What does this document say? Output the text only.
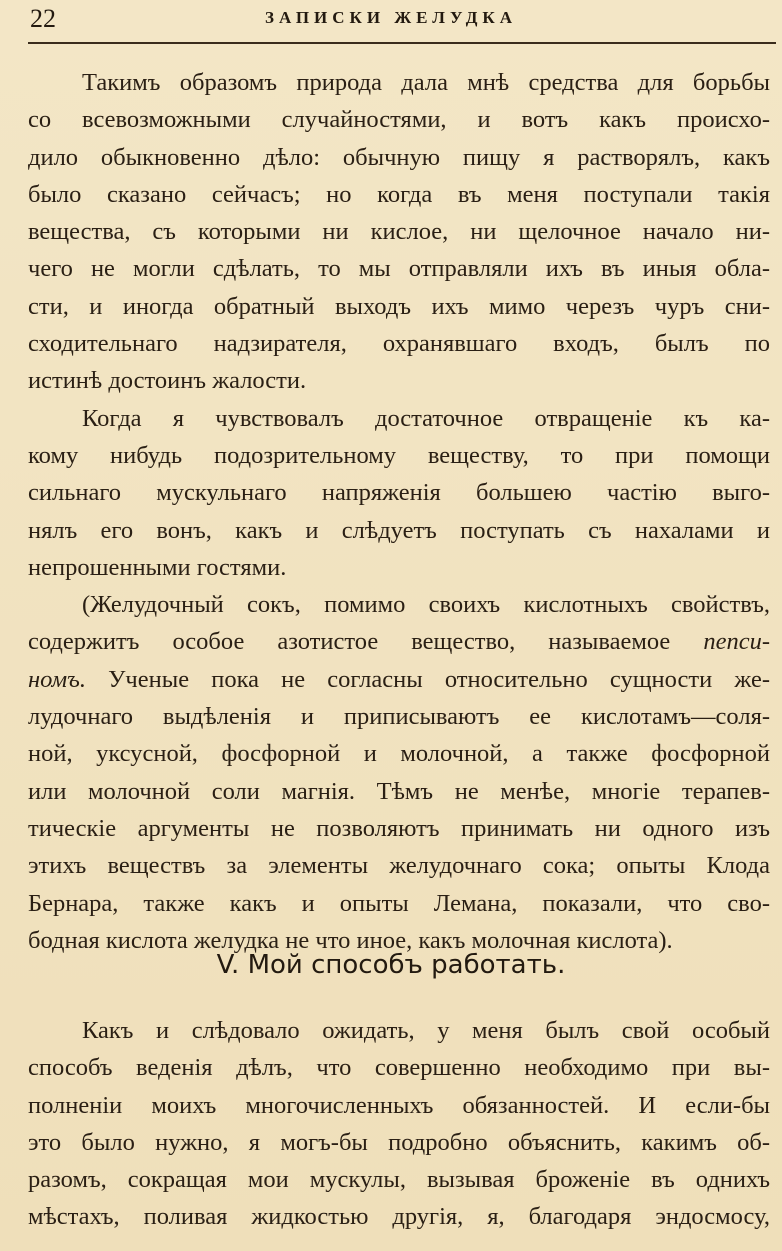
22	ЗАПИСКИ ЖЕЛУДКА
Такимъ образомъ природа дала мнѣ средства для борьбы
со всевозможными случайностями, и вотъ какъ происхо-
дило обыкновенно дѣло: обычную пищу я растворялъ, какъ
было сказано сейчасъ; но когда въ меня поступали такія
вещества, съ которыми ни кислое, ни щелочное начало ни-
чего не могли сдѣлать, то мы отправляли ихъ въ иныя обла-
сти, и иногда обратный выходъ ихъ мимо черезъ чуръ сни-
сходительнаго надзирателя, охранявшаго входъ, былъ по
истинѣ достоинъ жалости.
Когда я чувствовалъ достаточное отвращеніе къ ка-
кому нибудь подозрительному веществу, то при помощи
сильнаго мускульнаго напряженія большею частію выго-
нялъ его вонъ, какъ и слѣдуетъ поступать съ нахалами и
непрошенными гостями.
(Желудочный сокъ, помимо своихъ кислотныхъ свойствъ,
содержитъ особое азотистое вещество, называемое пепси-
номъ. Ученые пока не согласны относительно сущности же-
лудочнаго выдѣленія и приписываютъ ее кислотамъ—соля-
ной, уксусной, фосфорной и молочной, а также фосфорной
или молочной соли магнія. Тѣмъ не менѣе, многіе терапев-
тическіе аргументы не позволяютъ принимать ни одного изъ
этихъ веществъ за элементы желудочнаго сока; опыты Клода
Бернара, также какъ и опыты Лемана, показали, что сво-
бодная кислота желудка не что иное, какъ молочная кислота).
V. Мой способъ работать.
Какъ и слѣдовало ожидать, у меня былъ свой особый
способъ веденія дѣлъ, что совершенно необходимо при вы-
полненіи моихъ многочисленныхъ обязанностей. И если-бы
это было нужно, я могъ-бы подробно объяснить, какимъ об-
разомъ, сокращая мои мускулы, вызывая броженіе въ однихъ
мѣстахъ, поливая жидкостью другія, я, благодаря эндосмосу,
